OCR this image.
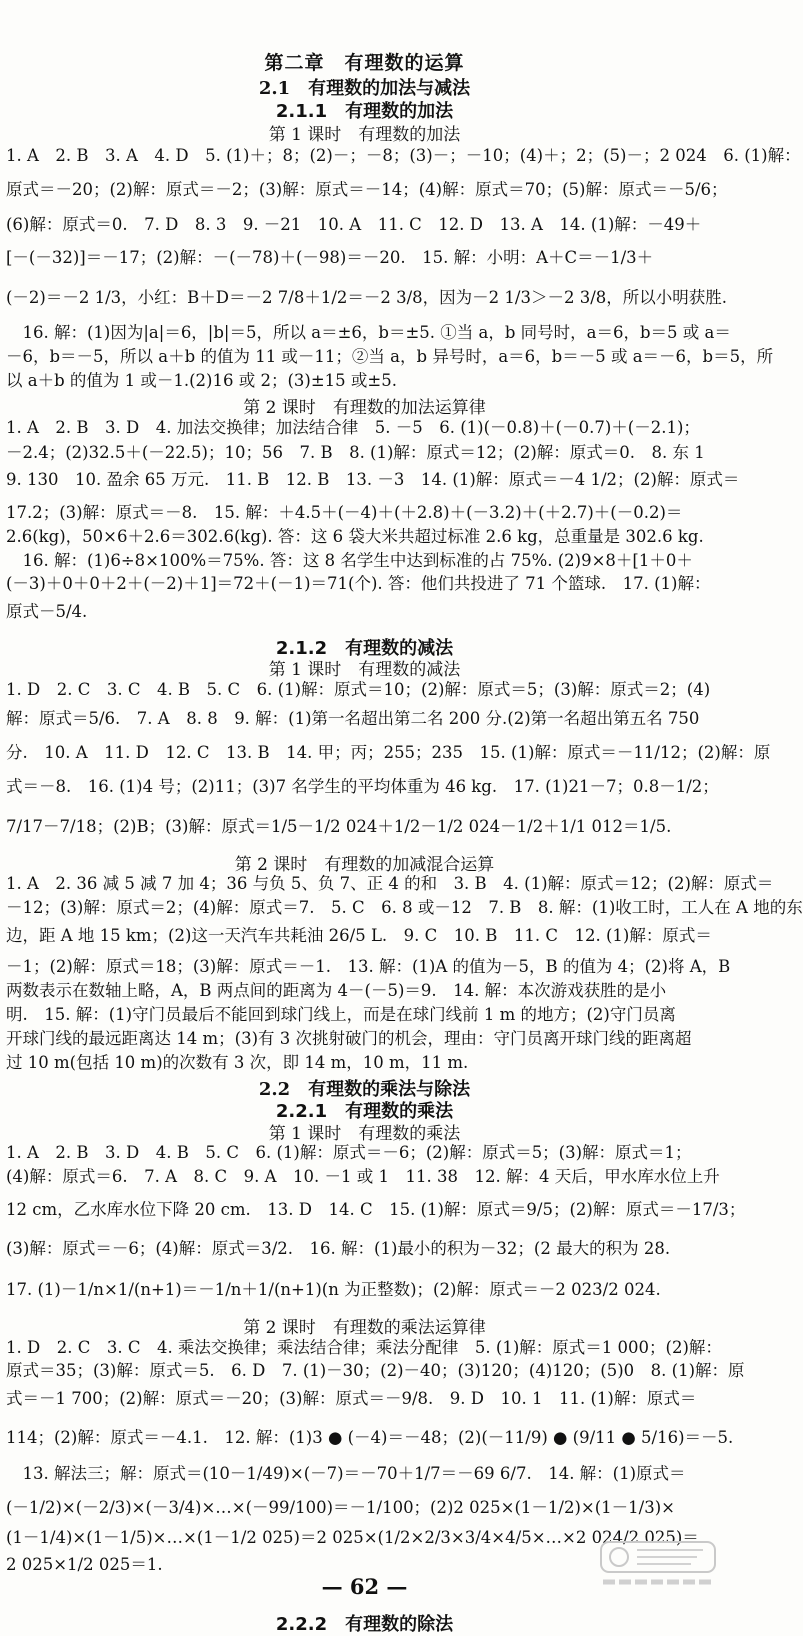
第二章　有理数的运算
2.1　有理数的加法与减法
2.1.1　有理数的加法
第 1 课时　有理数的加法
1. A　2. B　3. A　4. D　5. (1)＋；8；(2)－；－8；(3)－；－10；(4)＋；2；(5)－；2 024　6. (1)解：
原式＝－20；(2)解：原式＝－2；(3)解：原式＝－14；(4)解：原式＝70；(5)解：原式＝－5/6；
(6)解：原式＝0.　7. D　8. 3　9. －21　10. A　11. C　12. D　13. A　14. (1)解：－49＋
[－(－32)]＝－17；(2)解：－(－78)＋(－98)＝－20.　15. 解：小明：A＋C＝－1/3＋
(－2)＝－2 1/3，小红：B＋D＝－2 7/8＋1/2＝－2 3/8，因为－2 1/3＞－2 3/8，所以小明获胜.
　16. 解：(1)因为|a|＝6，|b|＝5，所以 a＝±6，b＝±5. ①当 a，b 同号时，a＝6，b＝5 或 a＝
－6，b＝－5，所以 a＋b 的值为 11 或－11；②当 a，b 异号时，a＝6，b＝－5 或 a＝－6，b＝5，所
以 a＋b 的值为 1 或－1.(2)16 或 2；(3)±15 或±5.
第 2 课时　有理数的加法运算律
1. A　2. B　3. D　4. 加法交换律；加法结合律　5. －5　6. (1)(－0.8)＋(－0.7)＋(－2.1)；
－2.4；(2)32.5＋(－22.5)；10；56　7. B　8. (1)解：原式＝12；(2)解：原式＝0.　8. 东 1
9. 130　10. 盈余 65 万元.　11. B　12. B　13. －3　14. (1)解：原式＝－4 1/2；(2)解：原式＝
17.2；(3)解：原式＝－8.　15. 解：＋4.5＋(－4)＋(＋2.8)＋(－3.2)＋(＋2.7)＋(－0.2)＝
2.6(kg)，50×6＋2.6＝302.6(kg). 答：这 6 袋大米共超过标准 2.6 kg，总重量是 302.6 kg.
　16. 解：(1)6÷8×100%＝75%. 答：这 8 名学生中达到标准的占 75%. (2)9×8＋[1＋0＋
(－3)＋0＋0＋2＋(－2)＋1]＝72＋(－1)＝71(个). 答：他们共投进了 71 个篮球.　17. (1)解：
原式－5/4.
2.1.2　有理数的减法
第 1 课时　有理数的减法
1. D　2. C　3. C　4. B　5. C　6. (1)解：原式＝10；(2)解：原式＝5；(3)解：原式＝2；(4)
解：原式＝5/6.　7. A　8. 8　9. 解：(1)第一名超出第二名 200 分.(2)第一名超出第五名 750
分.　10. A　11. D　12. C　13. B　14. 甲；丙；255；235　15. (1)解：原式＝－11/12；(2)解：原
式＝－8.　16. (1)4 号；(2)11；(3)7 名学生的平均体重为 46 kg.　17. (1)21－7；0.8－1/2；
7/17－7/18；(2)B；(3)解：原式＝1/5－1/2 024＋1/2－1/2 024－1/2＋1/1 012＝1/5.
第 2 课时　有理数的加减混合运算
1. A　2. 36 减 5 减 7 加 4；36 与负 5、负 7、正 4 的和　3. B　4. (1)解：原式＝12；(2)解：原式＝
－12；(3)解：原式＝2；(4)解：原式＝7.　5. C　6. 8 或－12　7. B　8. 解：(1)收工时，工人在 A 地的东
边，距 A 地 15 km；(2)这一天汽车共耗油 26/5 L.　9. C　10. B　11. C　12. (1)解：原式＝
－1；(2)解：原式＝18；(3)解：原式＝－1.　13. 解：(1)A 的值为－5，B 的值为 4；(2)将 A，B
两数表示在数轴上略，A，B 两点间的距离为 4－(－5)＝9.　14. 解：本次游戏获胜的是小
明.　15. 解：(1)守门员最后不能回到球门线上，而是在球门线前 1 m 的地方；(2)守门员离
开球门线的最远距离达 14 m；(3)有 3 次挑射破门的机会，理由：守门员离开球门线的距离超
过 10 m(包括 10 m)的次数有 3 次，即 14 m，10 m，11 m.
2.2　有理数的乘法与除法
2.2.1　有理数的乘法
第 1 课时　有理数的乘法
1. A　2. B　3. D　4. B　5. C　6. (1)解：原式＝－6；(2)解：原式＝5；(3)解：原式＝1；
(4)解：原式＝6.　7. A　8. C　9. A　10. －1 或 1　11. 38　12. 解：4 天后，甲水库水位上升
12 cm，乙水库水位下降 20 cm.　13. D　14. C　15. (1)解：原式＝9/5；(2)解：原式＝－17/3；
(3)解：原式＝－6；(4)解：原式＝3/2.　16. 解：(1)最小的积为－32；(2 最大的积为 28.
17. (1)－1/n×1/(n+1)＝－1/n＋1/(n+1)(n 为正整数)；(2)解：原式＝－2 023/2 024.
第 2 课时　有理数的乘法运算律
1. D　2. C　3. C　4. 乘法交换律；乘法结合律；乘法分配律　5. (1)解：原式＝1 000；(2)解：
原式＝35；(3)解：原式＝5.　6. D　7. (1)－30；(2)－40；(3)120；(4)120；(5)0　8. (1)解：原
式＝－1 700；(2)解：原式＝－20；(3)解：原式＝－9/8.　9. D　10. 1　11. (1)解：原式＝
114；(2)解：原式＝－4.1.　12. 解：(1)3 ● (－4)＝－48；(2)(－11/9) ● (9/11 ● 5/16)＝－5.
　13. 解法三；解：原式＝(10－1/49)×(－7)＝－70＋1/7＝－69 6/7.　14. 解：(1)原式＝
(－1/2)×(－2/3)×(－3/4)×…×(－99/100)＝－1/100；(2)2 025×(1－1/2)×(1－1/3)×
(1－1/4)×(1－1/5)×…×(1－1/2 025)＝2 025×(1/2×2/3×3/4×4/5×…×2 024/2 025)＝
2 025×1/2 025＝1.
— 62 —
2.2.2　有理数的除法
